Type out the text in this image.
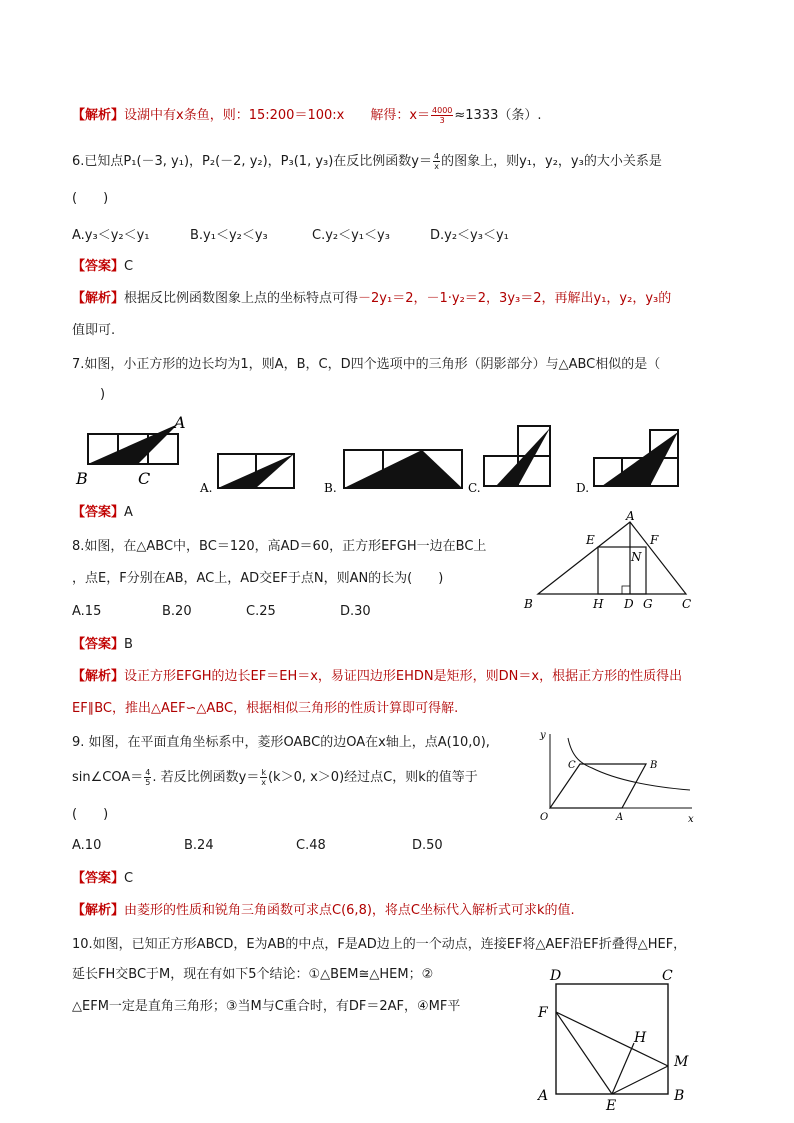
【解析】设湖中有x条鱼，则：15:200＝100:x　　解得：$x= \frac{4000}{3} \approx 1333$（条）.
6.已知点P₁(－3, y₁)，P₂(－2, y₂)，P₃(1, y₃)在反比例函数$y= \frac{4}{x}$ 的图象上，则y₁，y₂，y₃的大小关系是
(　　)
A.y₃＜y₂＜y₁	B.y₁＜y₂＜y₃	C.y₂＜y₁＜y₃	D.y₂＜y₃＜y₁
【答案】C
【解析】根据反比例函数图象上点的坐标特点可得－2y₁＝2，－1·y₂＝2，3y₃＝2，再解出y₁，y₂，y₃的
值即可.
7.如图，小正方形的边长均为1，则A，B，C，D四个选项中的三角形（阴影部分）与△ABC相似的是（
)
A
B	C	A.	B.	C.	D.
【答案】A
8.如图，在△ABC中，BC＝120，高AD＝60，正方形EFGH一边在BC上
，点E，F分别在AB，AC上，AD交EF于点N，则AN的长为(　　)
A.15	B.20	C.25	D.30
A
E	F
N
B	H D G C
【答案】B
【解析】设正方形EFGH的边长EF＝EH＝x，易证四边形EHDN是矩形，则DN＝x，根据正方形的性质得出
EF∥BC，推出△AEF∽△ABC，根据相似三角形的性质计算即可得解.
9. 如图，在平面直角坐标系中，菱形OABC的边OA在x轴上，点A(10,0),
sin∠COA＝ $\frac{4}{5}$ . 若反比例函数$y= \frac{k}{x} (k>0$, x＞0)经过点C，则k的值等于
(　　)
A.10	B.24	C.48	D.50
y
x
O	A
B
C
【答案】C
【解析】由菱形的性质和锐角三角函数可求点C(6,8)，将点C坐标代入解析式可求k的值.
10.如图，已知正方形ABCD，E为AB的中点，F是AD边上的一个动点，连接EF将△AEF沿EF折叠得△HEF，
延长FH交BC于M，现在有如下5个结论：①△BEM≅△HEM；②
△EFM一定是直角三角形；③当M与C重合时，有DF＝2AF，④MF平
D	C
F
H
M
A
E
B
